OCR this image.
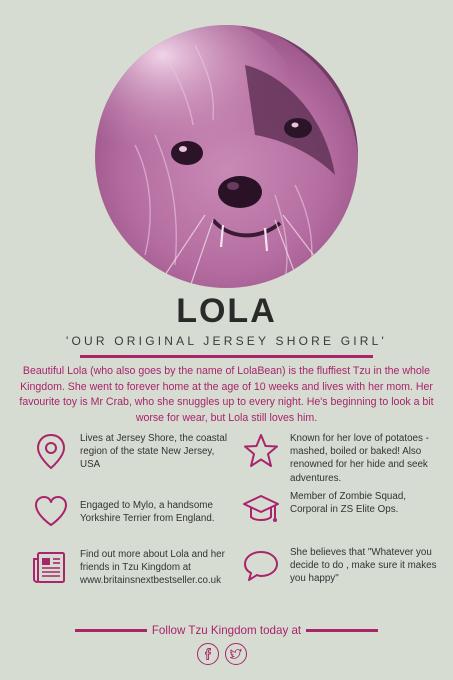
LOLA
'OUR ORIGINAL JERSEY SHORE GIRL'
Beautiful Lola (who also goes by the name of LolaBean) is the fluffiest Tzu in the whole Kingdom. She went to forever home at the age of 10 weeks and lives with her mom. Her favourite toy is Mr Crab, who she snuggles up to every night. He's beginning to look a bit worse for wear, but Lola still loves him.
Lives at Jersey Shore, the coastal region of the state New Jersey, USA
Known for her love of potatoes - mashed, boiled or baked! Also renowned for her hide and seek adventures.
Engaged to Mylo, a handsome Yorkshire Terrier from England.
Member of Zombie Squad, Corporal in ZS Elite Ops.
Find out more about Lola and her friends in Tzu Kingdom at www.britainsnextbestseller.co.uk
She believes that "Whatever you decide to do , make sure it makes you happy"
Follow Tzu Kingdom today at
